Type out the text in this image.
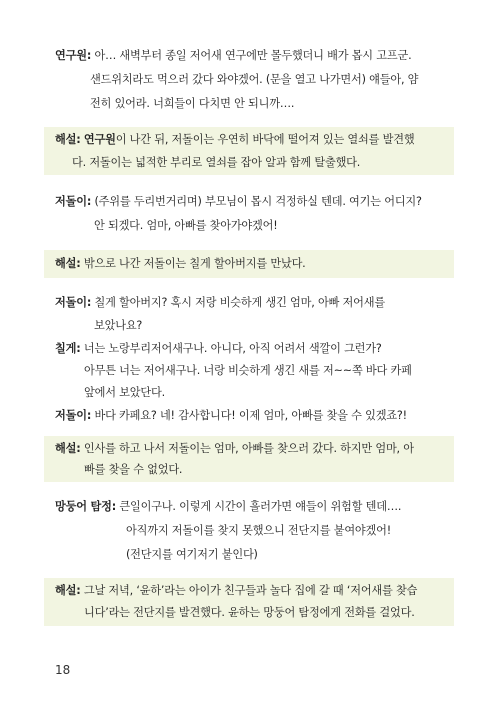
연구원: 아… 새벽부터 종일 저어새 연구에만 몰두했더니 배가 몹시 고프군.
샌드위치라도 먹으러 갔다 와야겠어. (문을 열고 나가면서) 얘들아, 얌
전히 있어라. 너희들이 다치면 안 되니까….
해설: 연구원이 나간 뒤, 저돌이는 우연히 바닥에 떨어져 있는 열쇠를 발견했
다. 저돌이는 넓적한 부리로 열쇠를 잡아 알과 함께 탈출했다.
저돌이: (주위를 두리번거리며) 부모님이 몹시 걱정하실 텐데. 여기는 어디지?
안 되겠다. 엄마, 아빠를 찾아가야겠어!
해설: 밖으로 나간 저돌이는 칠게 할아버지를 만났다.
저돌이: 칠게 할아버지? 혹시 저랑 비슷하게 생긴 엄마, 아빠 저어새를
보았나요?
칠게: 너는 노랑부리저어새구나. 아니다, 아직 어려서 색깔이 그런가?
아무튼 너는 저어새구나. 너랑 비슷하게 생긴 새를 저~~쪽 바다 카페
앞에서 보았단다.
저돌이: 바다 카페요? 네! 감사합니다! 이제 엄마, 아빠를 찾을 수 있겠죠?!
해설: 인사를 하고 나서 저돌이는 엄마, 아빠를 찾으러 갔다. 하지만 엄마, 아
빠를 찾을 수 없었다.
망둥어 탐정: 큰일이구나. 이렇게 시간이 흘러가면 얘들이 위험할 텐데….
아직까지 저돌이를 찾지 못했으니 전단지를 붙여야겠어!
(전단지를 여기저기 붙인다)
해설: 그날 저녁, ‘윤하’라는 아이가 친구들과 놀다 집에 갈 때 ‘저어새를 찾습
니다’라는 전단지를 발견했다. 윤하는 망둥어 탐정에게 전화를 걸었다.
18
